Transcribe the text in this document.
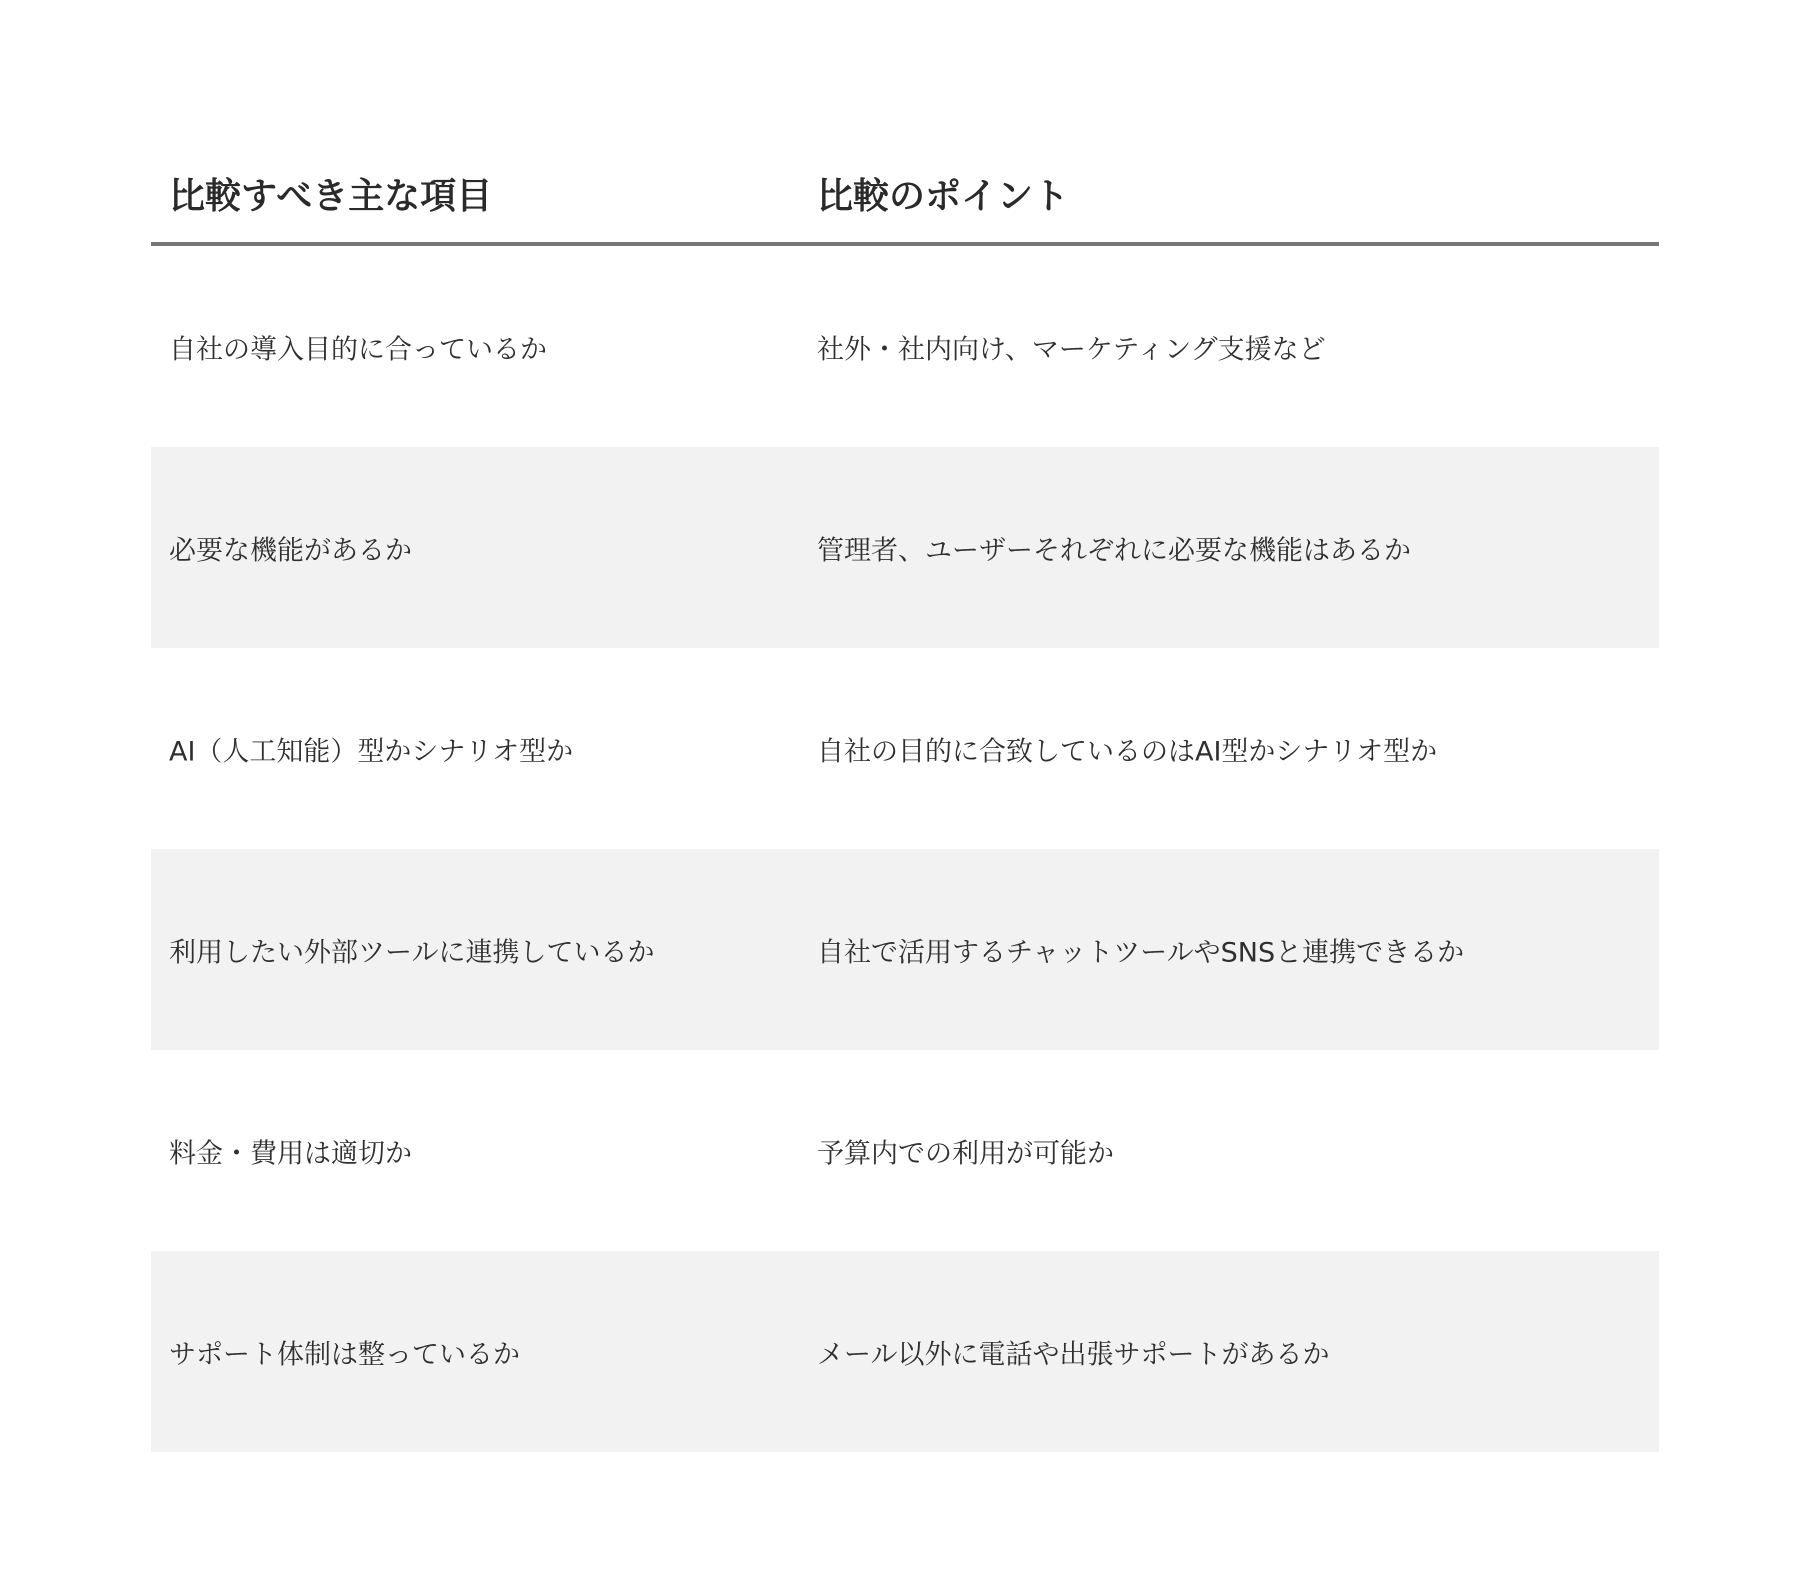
比較すべき主な項目	比較のポイント
自社の導入目的に合っているか	社外・社内向け、マーケティング支援など
必要な機能があるか	管理者、ユーザーそれぞれに必要な機能はあるか
AI（人工知能）型かシナリオ型か	自社の目的に合致しているのはAI型かシナリオ型か
利用したい外部ツールに連携しているか	自社で活用するチャットツールやSNSと連携できるか
料金・費用は適切か	予算内での利用が可能か
サポート体制は整っているか	メール以外に電話や出張サポートがあるか
